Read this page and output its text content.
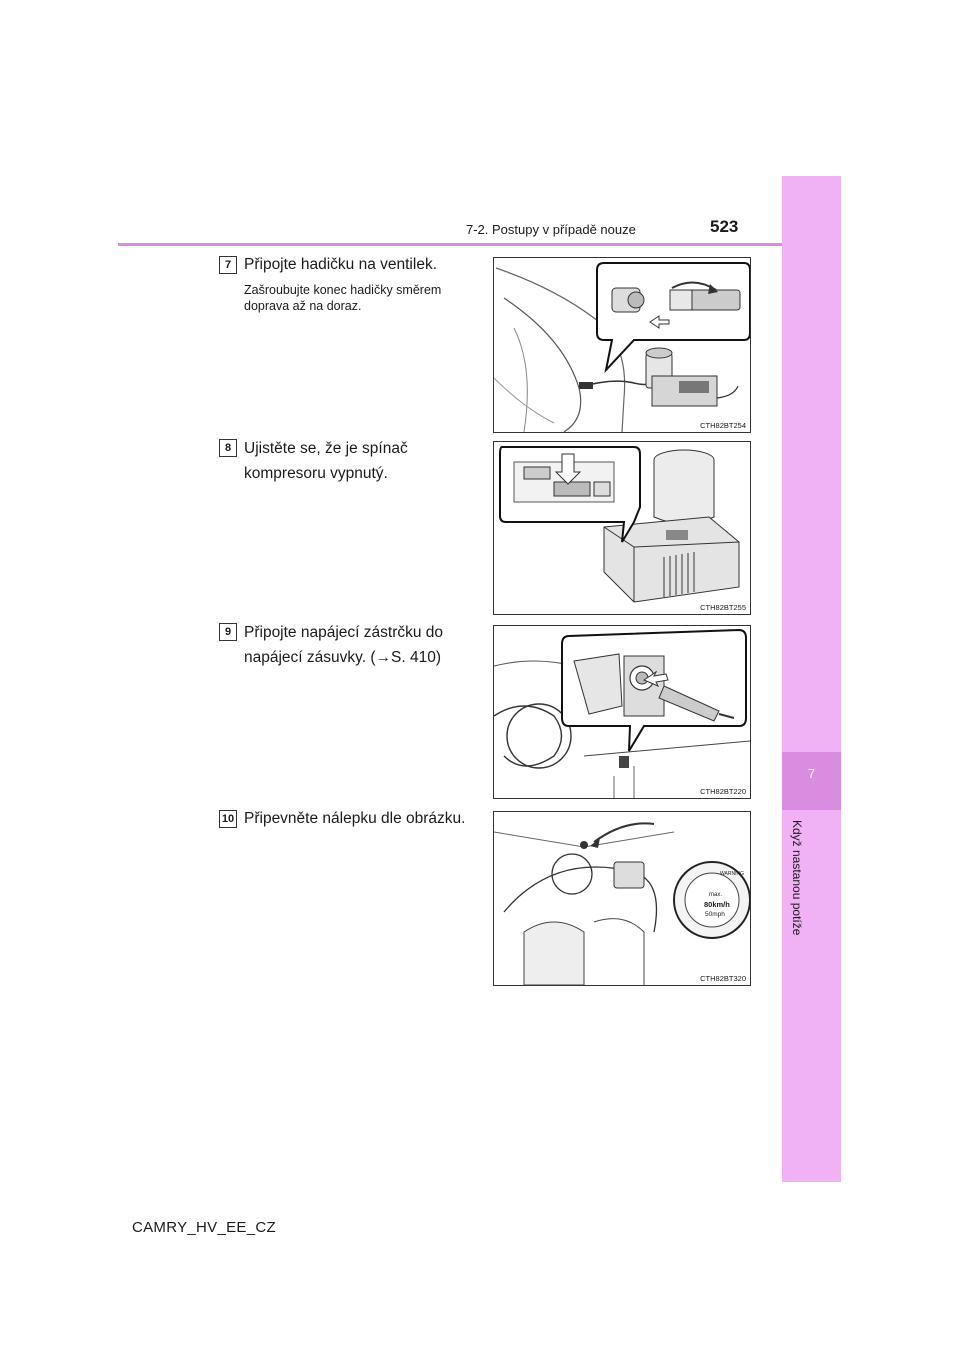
7
Když nastanou potíže
7-2. Postupy v případě nouze	523
7 Připojte hadičku na ventilek.
Zašroubujte konec hadičky směrem doprava až na doraz.
CTH82BT254
8 Ujistěte se, že je spínač kompresoru vypnutý.
CTH82BT255
9 Připojte napájecí zástrčku do napájecí zásuvky. (→S. 410)
CTH82BT220
10 Připevněte nálepku dle obrázku.
WARNING
max.
80km/h
50mph
CTH82BT320
CAMRY_HV_EE_CZ
